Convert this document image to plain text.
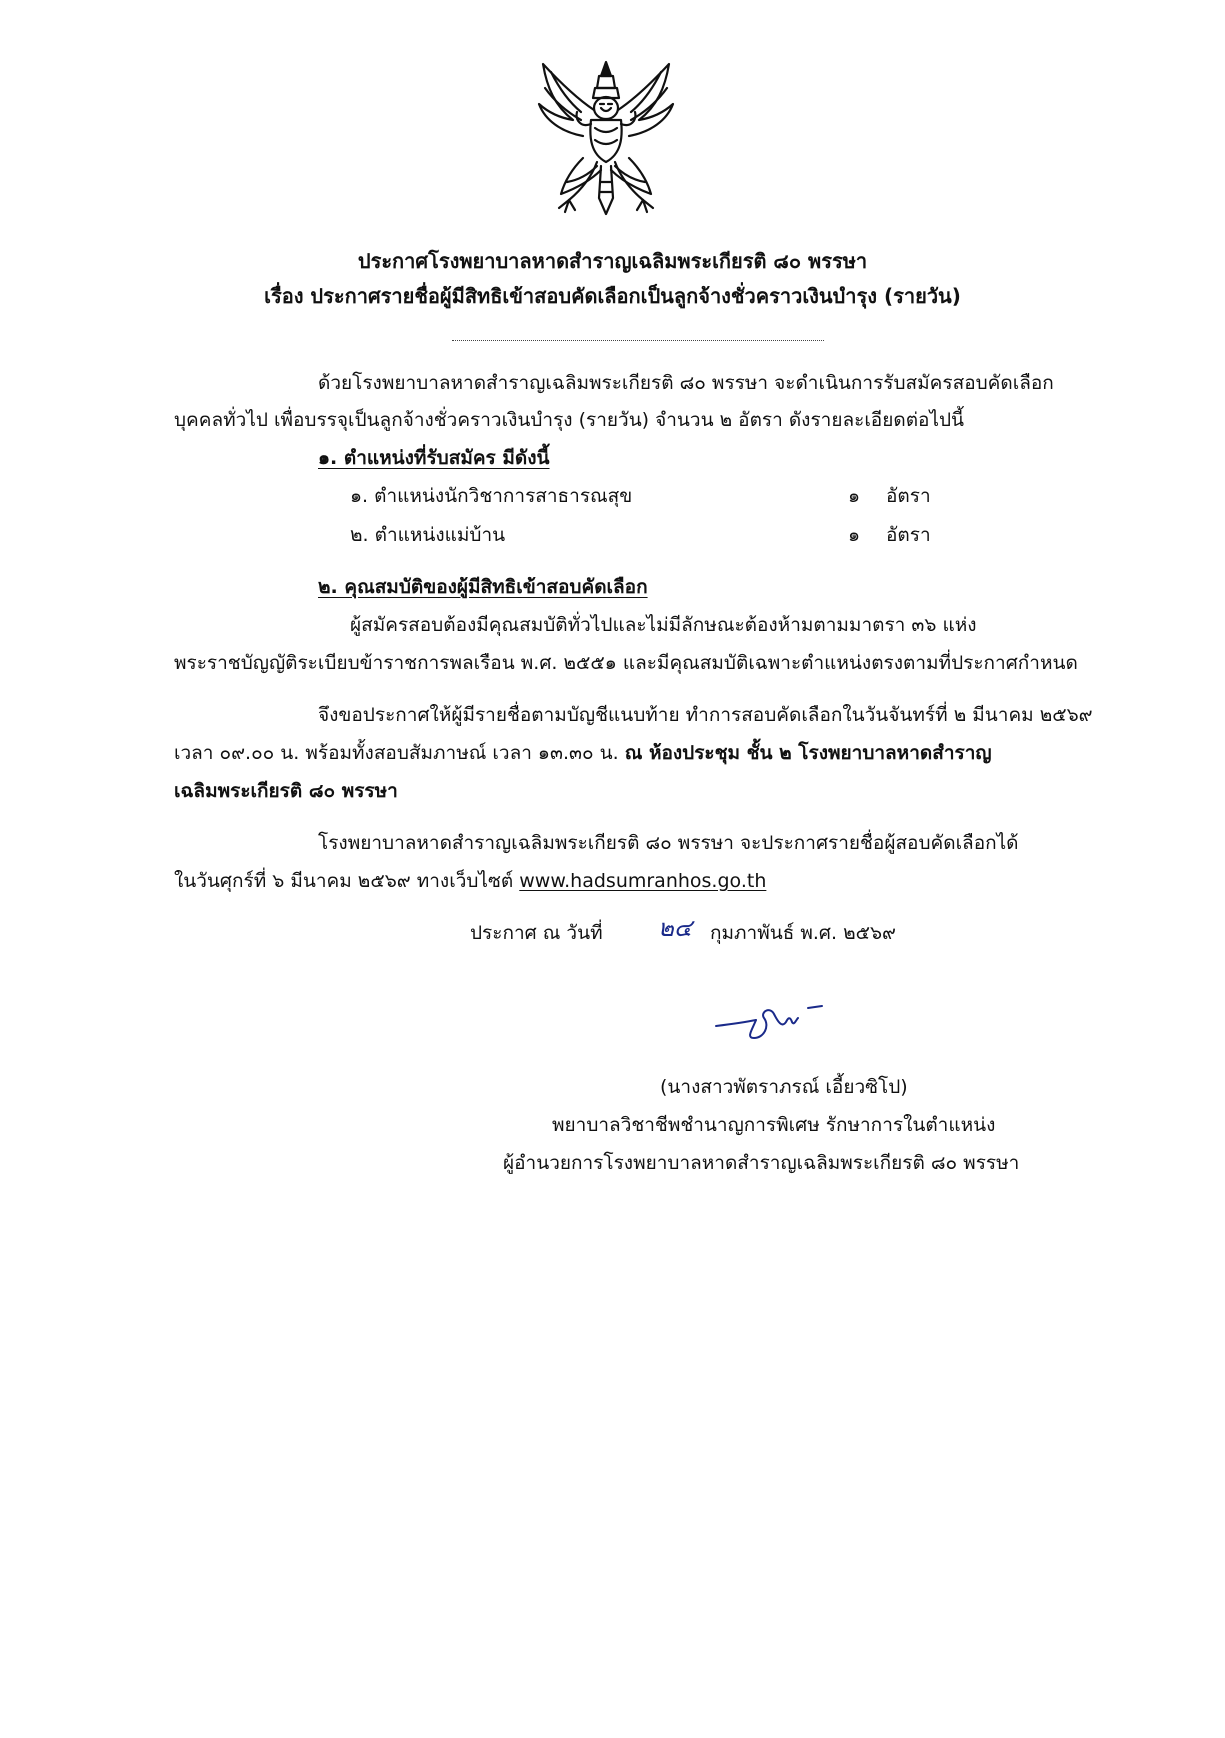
ประกาศโรงพยาบาลหาดสำราญเฉลิมพระเกียรติ ๘๐ พรรษา
เรื่อง ประกาศรายชื่อผู้มีสิทธิเข้าสอบคัดเลือกเป็นลูกจ้างชั่วคราวเงินบำรุง (รายวัน)
ด้วยโรงพยาบาลหาดสำราญเฉลิมพระเกียรติ ๘๐ พรรษา จะดำเนินการรับสมัครสอบคัดเลือก
บุคคลทั่วไป เพื่อบรรจุเป็นลูกจ้างชั่วคราวเงินบำรุง (รายวัน) จำนวน ๒ อัตรา ดังรายละเอียดต่อไปนี้
๑. ตำแหน่งที่รับสมัคร มีดังนี้
๑. ตำแหน่งนักวิชาการสาธารณสุข	๑ อัตรา
๒. ตำแหน่งแม่บ้าน	๑ อัตรา
๒. คุณสมบัติของผู้มีสิทธิเข้าสอบคัดเลือก
ผู้สมัครสอบต้องมีคุณสมบัติทั่วไปและไม่มีลักษณะต้องห้ามตามมาตรา ๓๖ แห่ง
พระราชบัญญัติระเบียบข้าราชการพลเรือน พ.ศ. ๒๕๕๑ และมีคุณสมบัติเฉพาะตำแหน่งตรงตามที่ประกาศกำหนด
จึงขอประกาศให้ผู้มีรายชื่อตามบัญชีแนบท้าย ทำการสอบคัดเลือกในวันจันทร์ที่ ๒ มีนาคม ๒๕๖๙
เวลา ๐๙.๐๐ น. พร้อมทั้งสอบสัมภาษณ์ เวลา ๑๓.๓๐ น. ณ ห้องประชุม ชั้น ๒ โรงพยาบาลหาดสำราญ
เฉลิมพระเกียรติ ๘๐ พรรษา
โรงพยาบาลหาดสำราญเฉลิมพระเกียรติ ๘๐ พรรษา จะประกาศรายชื่อผู้สอบคัดเลือกได้
ในวันศุกร์ที่ ๖ มีนาคม ๒๕๖๙ ทางเว็บไซต์ www.hadsumranhos.go.th
ประกาศ ณ วันที่ ๒๔ กุมภาพันธ์ พ.ศ. ๒๕๖๙
(นางสาวพัตราภรณ์ เอี้ยวซิโป)
พยาบาลวิชาชีพชำนาญการพิเศษ รักษาการในตำแหน่ง
ผู้อำนวยการโรงพยาบาลหาดสำราญเฉลิมพระเกียรติ ๘๐ พรรษา
